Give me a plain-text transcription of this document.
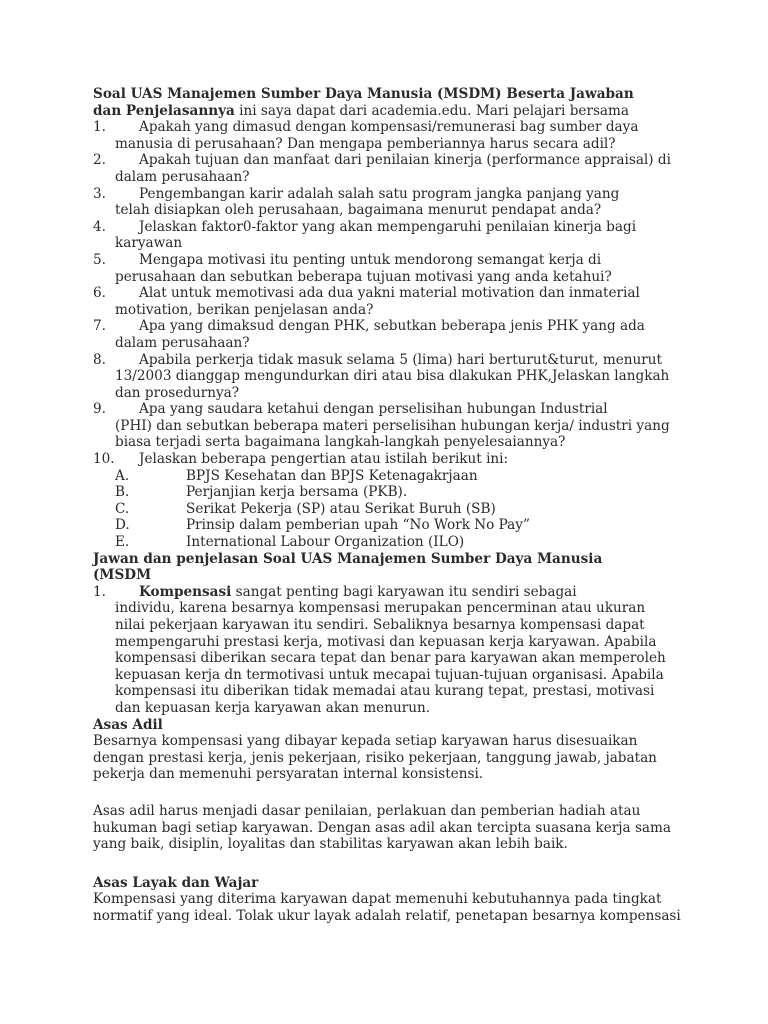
Soal UAS Manajemen Sumber Daya Manusia (MSDM) Beserta Jawaban
dan Penjelasannya ini saya dapat dari academia.edu. Mari pelajari bersama
1. Apakah yang dimasud dengan kompensasi/remunerasi bag sumber daya
manusia di perusahaan? Dan mengapa pemberiannya harus secara adil?
2. Apakah tujuan dan manfaat dari penilaian kinerja (performance appraisal) di
dalam perusahaan?
3. Pengembangan karir adalah salah satu program jangka panjang yang
telah disiapkan oleh perusahaan, bagaimana menurut pendapat anda?
4. Jelaskan faktor0-faktor yang akan mempengaruhi penilaian kinerja bagi
karyawan
5. Mengapa motivasi itu penting untuk mendorong semangat kerja di
perusahaan dan sebutkan beberapa tujuan motivasi yang anda ketahui?
6. Alat untuk memotivasi ada dua yakni material motivation dan inmaterial
motivation, berikan penjelasan anda?
7. Apa yang dimaksud dengan PHK, sebutkan beberapa jenis PHK yang ada
dalam perusahaan?
8. Apabila perkerja tidak masuk selama 5 (lima) hari berturut&turut, menurut
13/2003 dianggap mengundurkan diri atau bisa dlakukan PHK,Jelaskan langkah
dan prosedurnya?
9. Apa yang saudara ketahui dengan perselisihan hubungan Industrial
(PHI) dan sebutkan beberapa materi perselisihan hubungan kerja/ industri yang
biasa terjadi serta bagaimana langkah-langkah penyelesaiannya?
10. Jelaskan beberapa pengertian atau istilah berikut ini:
A.	BPJS Kesehatan dan BPJS Ketenagakrjaan
B.	Perjanjian kerja bersama (PKB).
C.	Serikat Pekerja (SP) atau Serikat Buruh (SB)
D.	Prinsip dalam pemberian upah “No Work No Pay”
E.	International Labour Organization (ILO)
Jawan dan penjelasan Soal UAS Manajemen Sumber Daya Manusia
(MSDM
1. Kompensasi sangat penting bagi karyawan itu sendiri sebagai
individu, karena besarnya kompensasi merupakan pencerminan atau ukuran
nilai pekerjaan karyawan itu sendiri. Sebaliknya besarnya kompensasi dapat
mempengaruhi prestasi kerja, motivasi dan kepuasan kerja karyawan. Apabila
kompensasi diberikan secara tepat dan benar para karyawan akan memperoleh
kepuasan kerja dn termotivasi untuk mecapai tujuan-tujuan organisasi. Apabila
kompensasi itu diberikan tidak memadai atau kurang tepat, prestasi, motivasi
dan kepuasan kerja karyawan akan menurun.
Asas Adil
Besarnya kompensasi yang dibayar kepada setiap karyawan harus disesuaikan
dengan prestasi kerja, jenis pekerjaan, risiko pekerjaan, tanggung jawab, jabatan
pekerja dan memenuhi persyaratan internal konsistensi.
Asas adil harus menjadi dasar penilaian, perlakuan dan pemberian hadiah atau
hukuman bagi setiap karyawan. Dengan asas adil akan tercipta suasana kerja sama
yang baik, disiplin, loyalitas dan stabilitas karyawan akan lebih baik.
Asas Layak dan Wajar
Kompensasi yang diterima karyawan dapat memenuhi kebutuhannya pada tingkat
normatif yang ideal. Tolak ukur layak adalah relatif, penetapan besarnya kompensasi
